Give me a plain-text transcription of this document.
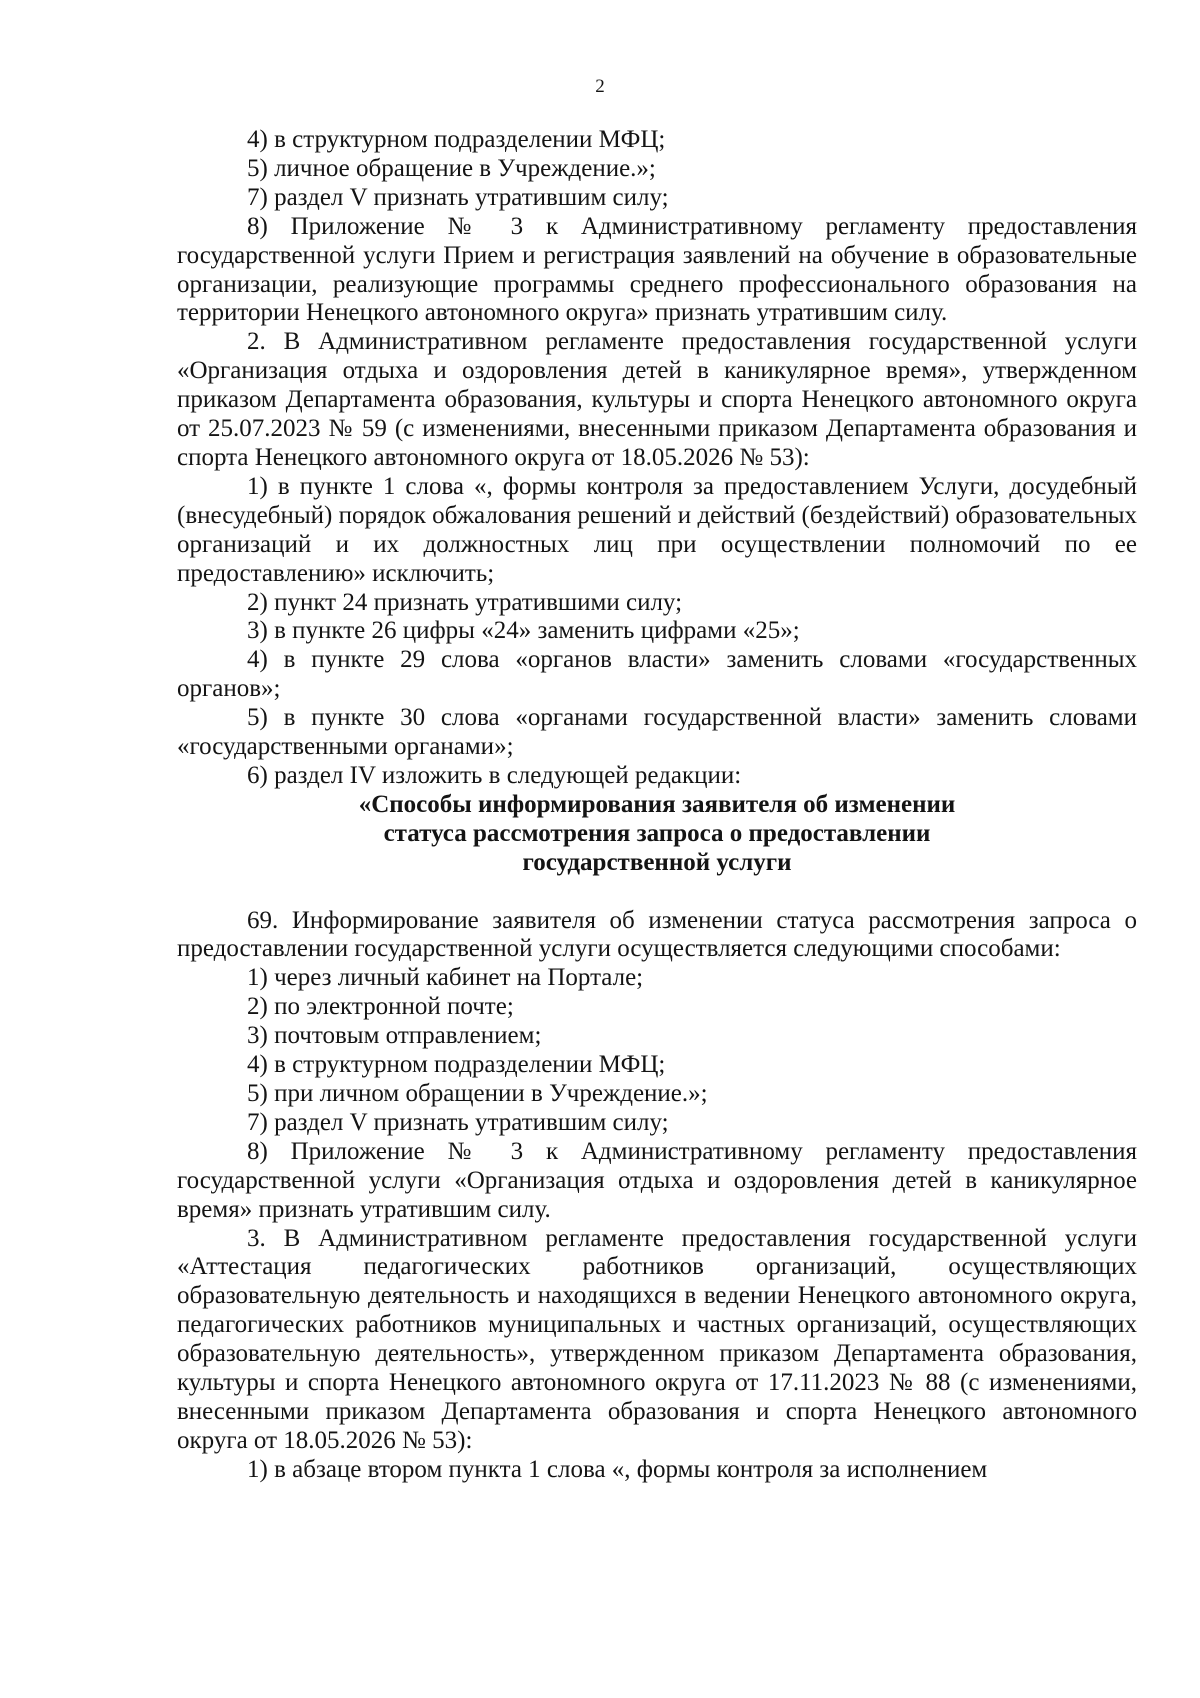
2

4) в структурном подразделении МФЦ;

5) личное обращение в Учреждение.»;

7) раздел V признать утратившим силу;

8) Приложение № 3 к Административному регламенту предоставления государственной услуги Прием и регистрация заявлений на обучение в образовательные организации, реализующие программы среднего профессионального образования на территории Ненецкого автономного округа» признать утратившим силу.

2. В Административном регламенте предоставления государственной услуги «Организация отдыха и оздоровления детей в каникулярное время», утвержденном приказом Департамента образования, культуры и спорта Ненецкого автономного округа от 25.07.2023 № 59 (с изменениями, внесенными приказом Департамента образования и спорта Ненецкого автономного округа от 18.05.2026 № 53):

1) в пункте 1 слова «, формы контроля за предоставлением Услуги, досудебный (внесудебный) порядок обжалования решений и действий (бездействий) образовательных организаций и их должностных лиц при осуществлении полномочий по ее предоставлению» исключить;

2) пункт 24 признать утратившими силу;

3) в пункте 26 цифры «24» заменить цифрами «25»;

4) в пункте 29 слова «органов власти» заменить словами «государственных органов»;

5) в пункте 30 слова «органами государственной власти» заменить словами «государственными органами»;

6) раздел IV изложить в следующей редакции:

«Способы информирования заявителя об изменении
статуса рассмотрения запроса о предоставлении
государственной услуги

69. Информирование заявителя об изменении статуса рассмотрения запроса о предоставлении государственной услуги осуществляется следующими способами:

1) через личный кабинет на Портале;

2) по электронной почте;

3) почтовым отправлением;

4) в структурном подразделении МФЦ;

5) при личном обращении в Учреждение.»;

7) раздел V признать утратившим силу;

8) Приложение № 3 к Административному регламенту предоставления государственной услуги «Организация отдыха и оздоровления детей в каникулярное время» признать утратившим силу.

3. В Административном регламенте предоставления государственной услуги «Аттестация педагогических работников организаций, осуществляющих образовательную деятельность и находящихся в ведении Ненецкого автономного округа, педагогических работников муниципальных и частных организаций, осуществляющих образовательную деятельность», утвержденном приказом Департамента образования, культуры и спорта Ненецкого автономного округа от 17.11.2023 № 88 (с изменениями, внесенными приказом Департамента образования и спорта Ненецкого автономного округа от 18.05.2026 № 53):

1) в абзаце втором пункта 1 слова «, формы контроля за исполнением
